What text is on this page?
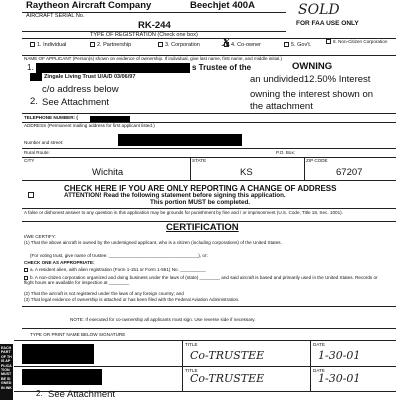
Raytheon Aircraft Company	Beechjet 400A	SOLD
AIRCRAFT SERIAL No.
FOR FAA USE ONLY
RK-244
TYPE OF REGISTRATION (Check one box)
1. Individual	2. Partnership	3. Corporation X 4. Co-owner	5. Gov't.
8. Non-Citizen Corporation
NAME OF APPLICANT (Person(s) shown on evidence of ownership. If individual, give last name, first name, and middle initial.)
1.	s Trustee of the	OWNING
Zingale Living Trust U/A/D 03/06/97	an undivided12.50% Interest
c/o address below	owning the interest shown on
2. See Attachment	the attachment
TELEPHONE NUMBER: (
ADDRESS (Permanent mailing address for first applicant listed.)
Number and street:
Rural Route:	P.O. Box:
CITY	STATE	ZIP CODE
Wichita	KS	67207
CHECK HERE IF YOU ARE ONLY REPORTING A CHANGE OF ADDRESS
ATTENTION! Read the following statement before signing this application.
This portion MUST be completed.
A false or dishonest answer to any question in this application may be grounds for punishment by fine and / or imprisonment (U.S. Code, Title 18, Sec. 1001).
CERTIFICATION
I/WE CERTIFY:
(1) That the above aircraft is owned by the undersigned applicant, who is a citizen (including corporations) of the United States.
(For voting trust, give name of trustee: ___________________________________), or:
CHECK ONE AS APPROPRIATE:
a. A resident alien, with alien registration (Form 1-151 or Form 1-551) No. __________
b. A non-citizen corporation organized and doing business under the laws of (state) ________ and said aircraft is based and primarily used in the United States. Records or flight hours are available for inspection at ________
(2) That the aircraft is not registered under the laws of any foreign country; and
(3) That legal evidence of ownership is attached or has been filed with the Federal Aviation Administration.
NOTE: If executed for co-ownership all applicants must sign. Use reverse side if necessary.
TYPE OR PRINT NAME BELOW SIGNATURE
EACH PART OF THIS APPLICATION MUST BE SIGNED IN INK
TITLE
Co-TRUSTEE
DATE
1-30-01
TITLE
Co-TRUSTEE
DATE
1-30-01
2. See Attachment
